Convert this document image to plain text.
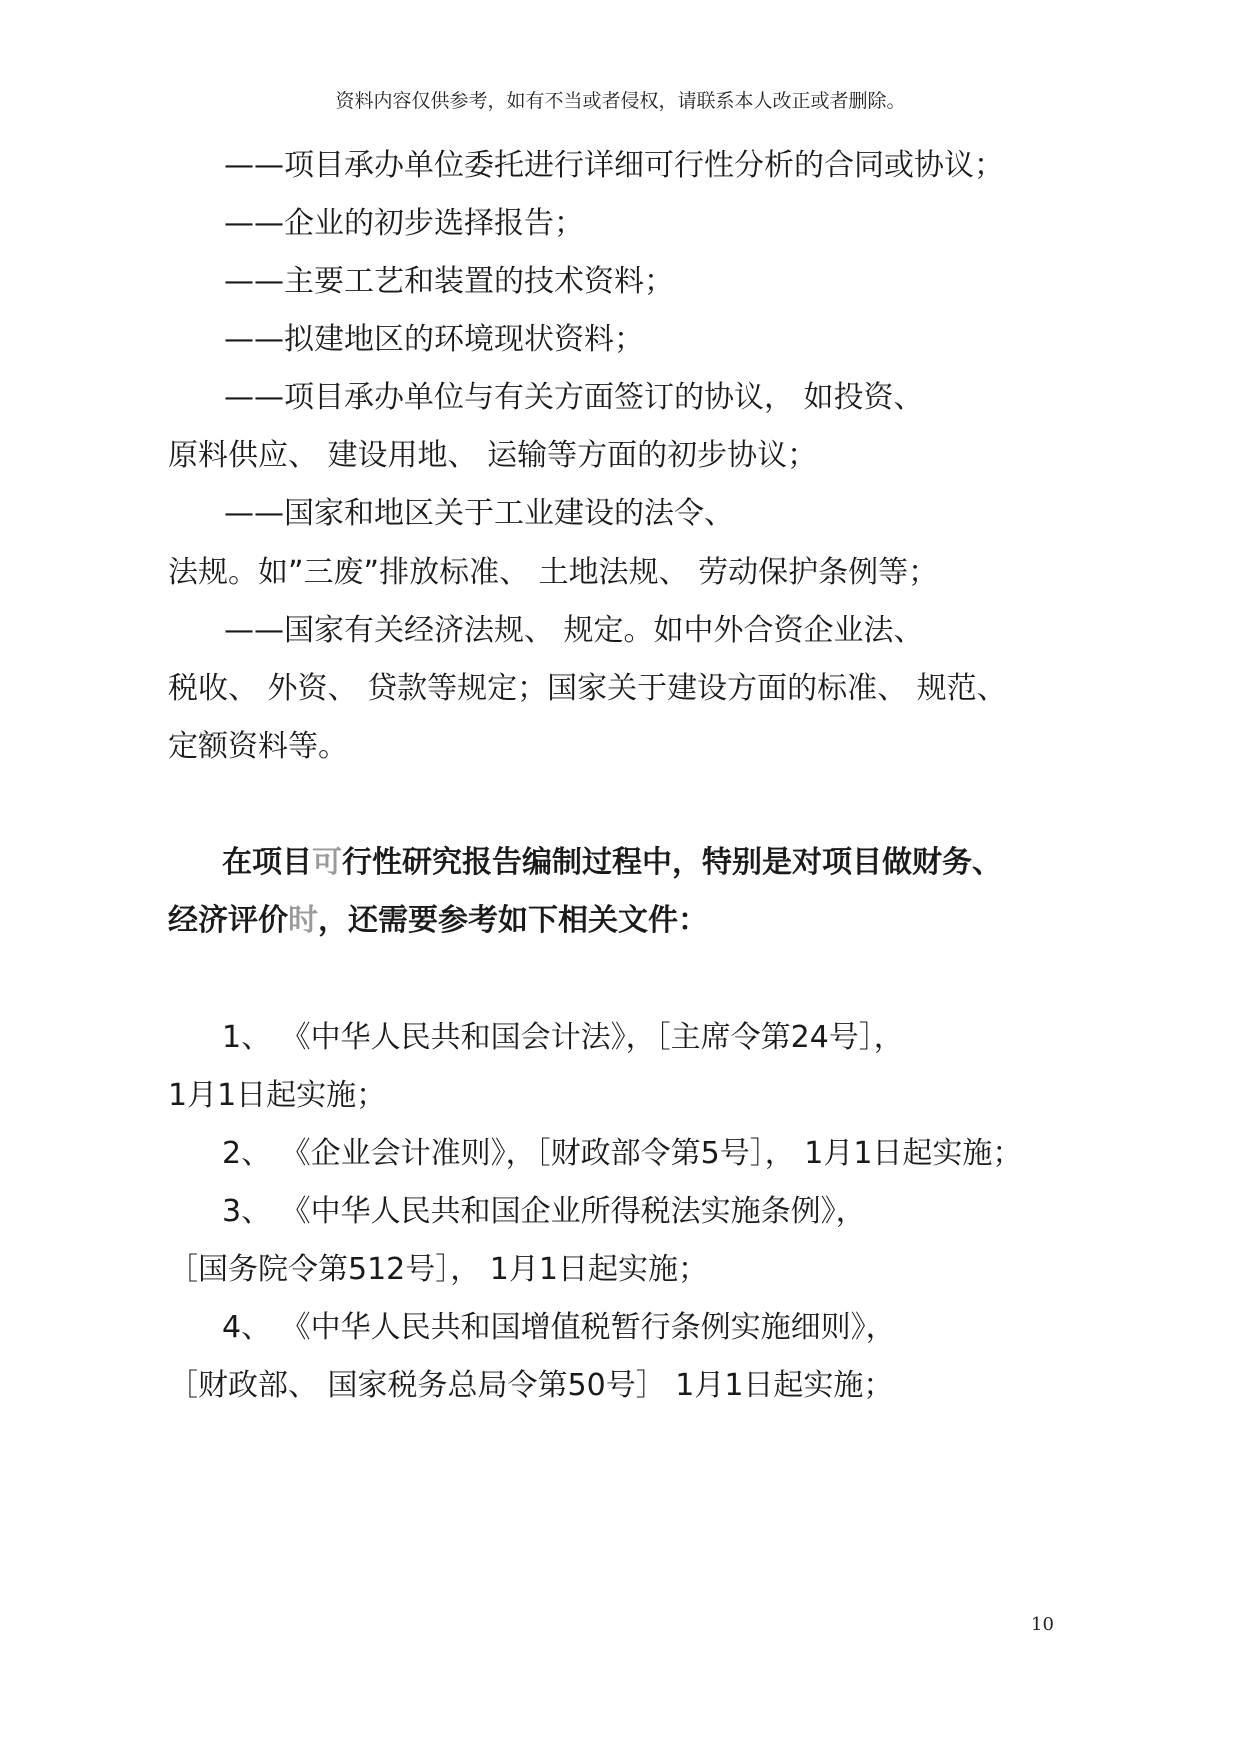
资料内容仅供参考，如有不当或者侵权，请联系本人改正或者删除。
——项目承办单位委托进行详细可行性分析的合同或协议；
——企业的初步选择报告；
——主要工艺和装置的技术资料；
——拟建地区的环境现状资料；
——项目承办单位与有关方面签订的协议， 如投资、
原料供应、 建设用地、 运输等方面的初步协议；
——国家和地区关于工业建设的法令、
法规。如”三废”排放标准、 土地法规、 劳动保护条例等；
——国家有关经济法规、 规定。如中外合资企业法、
税收、 外资、 贷款等规定；国家关于建设方面的标准、 规范、
定额资料等。
在项目可行性研究报告编制过程中，特别是对项目做财务、
经济评价时，还需要参考如下相关文件：
1、 《中华人民共和国会计法》，［主席令第24号］，
1月1日起实施；
2、 《企业会计准则》，［财政部令第5号］， 1月1日起实施；
3、 《中华人民共和国企业所得税法实施条例》，
［国务院令第512号］， 1月1日起实施；
4、 《中华人民共和国增值税暂行条例实施细则》，
［财政部、 国家税务总局令第50号］ 1月1日起实施；
10
